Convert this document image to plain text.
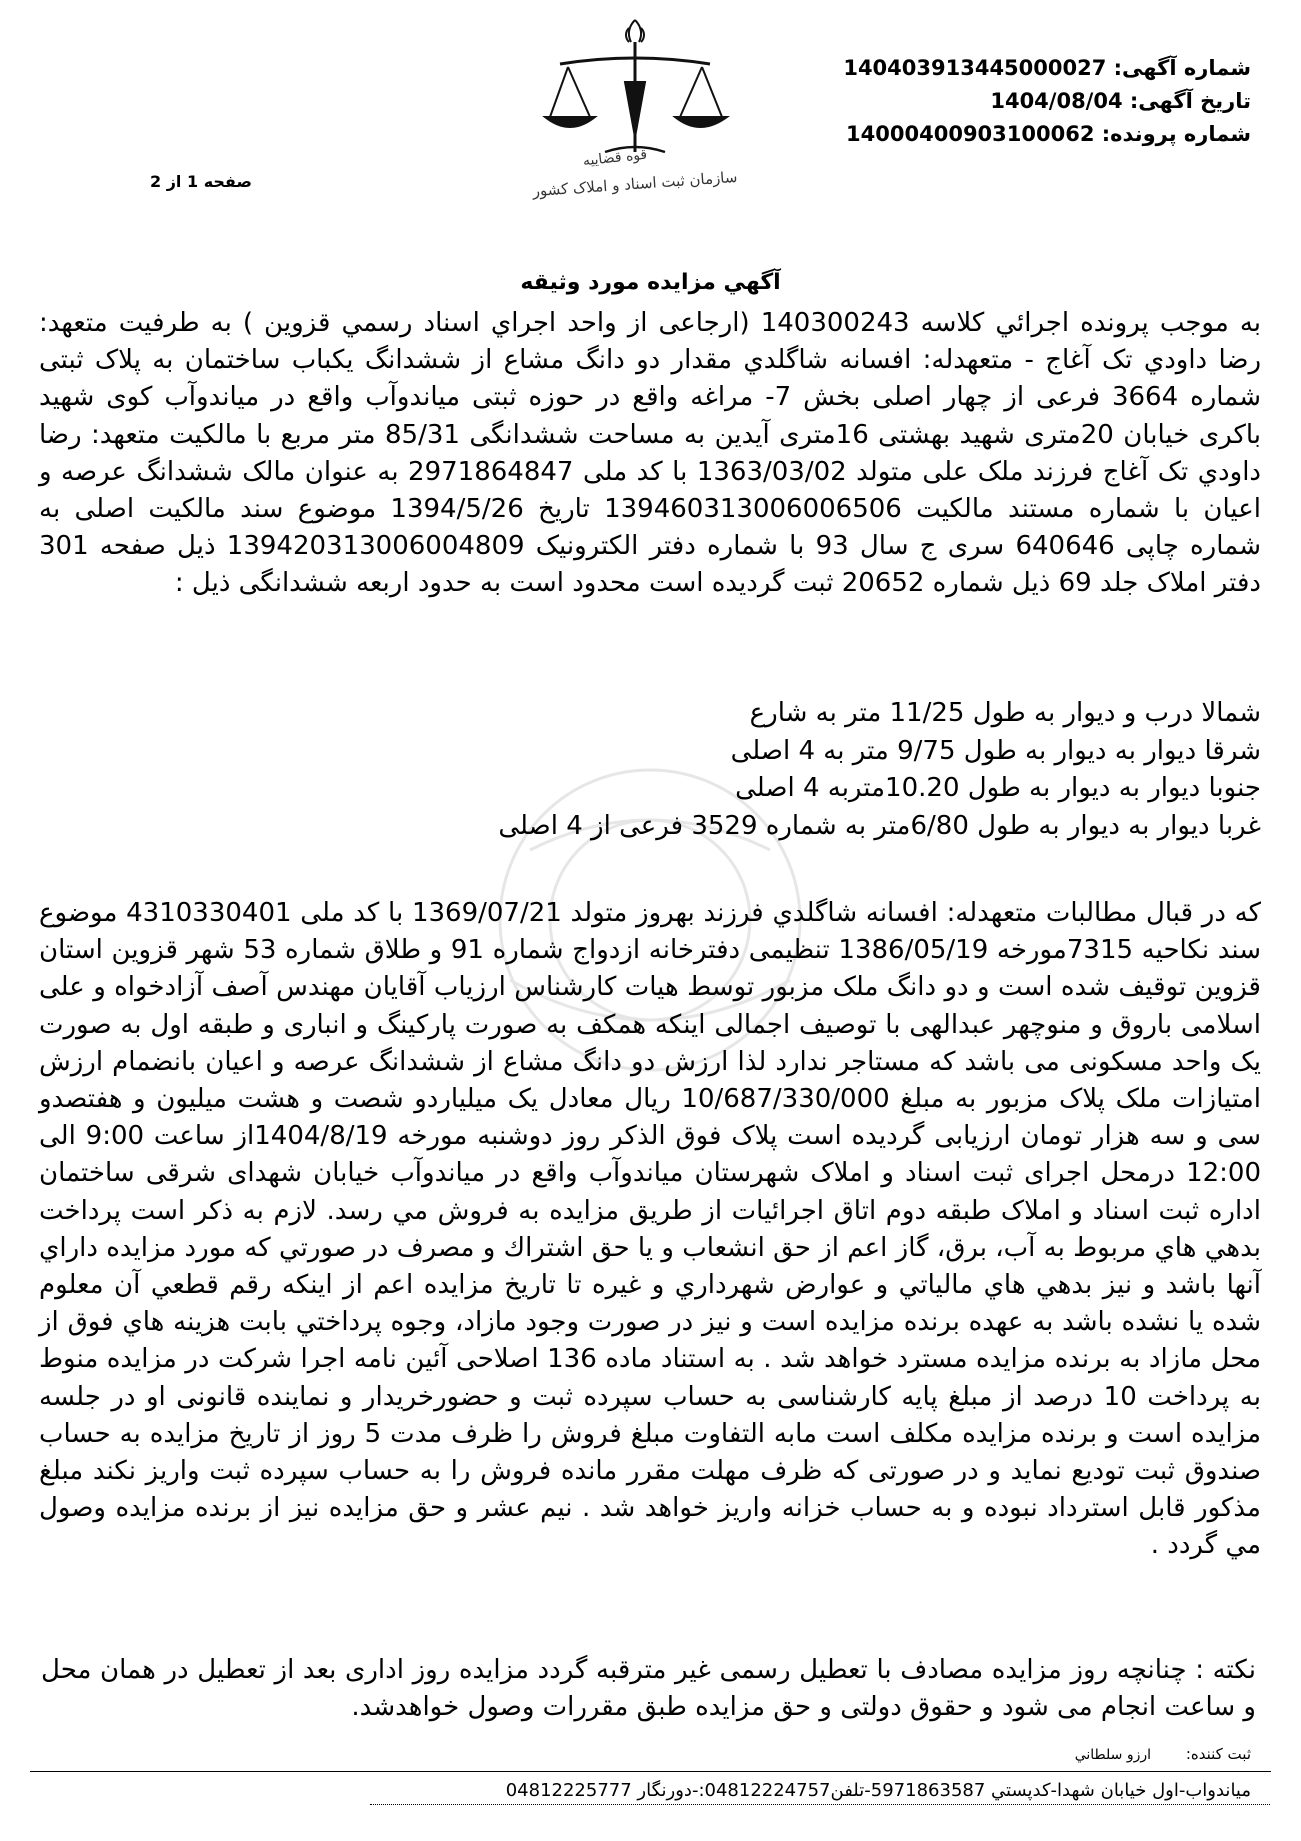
شماره آگهی: 140403913445000027
تاریخ آگهی: 1404/08/04
شماره پرونده: 14000400903100062
قوه قضاییه
سازمان ثبت اسناد و املاک کشور
صفحه 1 از 2
آگهي مزايده مورد وثيقه
به موجب پرونده اجرائي كلاسه 140300243 (ارجاعی از واحد اجراي اسناد رسمي قزوين ) به طرفيت متعهد: رضا داودي تک آغاج - متعهدله: افسانه شاگلدي مقدار دو دانگ مشاع از ششدانگ يکباب ساختمان به پلاک ثبتی شماره 3664 فرعی از چهار اصلی بخش 7- مراغه واقع در حوزه ثبتی مياندوآب واقع در مياندوآب کوی شهيد باکری خيابان 20متری شهيد بهشتی 16متری آيدين به مساحت ششدانگی 85/31 متر مربع با مالكيت متعهد: رضا داودي تک آغاج فرزند ملک علی متولد 1363/03/02 با کد ملی 2971864847 به عنوان مالک ششدانگ عرصه و اعيان با شماره مستند مالکيت 139460313006006506 تاريخ 1394/5/26 موضوع سند مالکيت اصلی به شماره چاپی 640646 سری ج سال 93 با شماره دفتر الکترونيک 139420313006004809 ذيل صفحه 301 دفتر املاک جلد 69 ذيل شماره 20652 ثبت گرديده است محدود است به حدود اربعه ششدانگی ذيل :
شمالا درب و ديوار به طول 11/25 متر به شارع
شرقا ديوار به ديوار به طول 9/75 متر به 4 اصلی
جنوبا ديوار به ديوار به طول 10.20متربه 4 اصلی
غربا ديوار به ديوار به طول 6/80متر به شماره 3529 فرعی از 4 اصلی
که در قبال مطالبات متعهدله: افسانه شاگلدي فرزند بهروز متولد 1369/07/21 با کد ملی 4310330401 موضوع سند نکاحيه 7315مورخه 1386/05/19 تنظيمی دفترخانه ازدواج شماره 91 و طلاق شماره 53 شهر قزوين استان قزوين توقيف شده است و دو دانگ ملک مزبور توسط هيات کارشناس ارزياب آقايان مهندس آصف آزادخواه و علی اسلامی باروق و منوچهر عبدالهی با توصيف اجمالی اينکه همکف به صورت پارکينگ و انباری و طبقه اول به صورت يک واحد مسکونی می باشد که مستاجر ندارد لذا ارزش دو دانگ مشاع از ششدانگ عرصه و اعيان بانضمام ارزش امتيازات ملک پلاک مزبور به مبلغ 10/687/330/000 ريال معادل يک ميلياردو شصت و هشت ميليون و هفتصدو سی و سه هزار تومان ارزيابی گرديده است پلاک فوق الذکر روز دوشنبه مورخه 1404/8/19از ساعت 9:00 الی 12:00 درمحل اجرای ثبت اسناد و املاک شهرستان مياندوآب واقع در مياندوآب خيابان شهدای شرقی ساختمان اداره ثبت اسناد و املاک طبقه دوم اتاق اجرائيات از طريق مزايده به فروش مي رسد. لازم به ذکر است پرداخت بدهي هاي مربوط به آب، برق، گاز اعم از حق انشعاب و يا حق اشتراك و مصرف در صورتي که مورد مزايده داراي آنها باشد و نيز بدهي هاي مالياتي و عوارض شهرداري و غيره تا تاريخ مزايده اعم از اينکه رقم قطعي آن معلوم شده يا نشده باشد به عهده برنده مزايده است و نيز در صورت وجود مازاد، وجوه پرداختي بابت هزينه هاي فوق از محل مازاد به برنده مزايده مسترد خواهد شد . به استناد ماده 136 اصلاحی آئين نامه اجرا شرکت در مزايده منوط به پرداخت 10 درصد از مبلغ پايه کارشناسی به حساب سپرده ثبت و حضورخريدار و نماينده قانونی او در جلسه مزايده است و برنده مزايده مکلف است مابه التفاوت مبلغ فروش را ظرف مدت 5 روز از تاريخ مزايده به حساب صندوق ثبت توديع نمايد و در صورتی که ظرف مهلت مقرر مانده فروش را به حساب سپرده ثبت واريز نکند مبلغ مذکور قابل استرداد نبوده و به حساب خزانه واريز خواهد شد . نيم عشر و حق مزايده نيز از برنده مزايده وصول مي گردد .
نکته : چنانچه روز مزايده مصادف با تعطيل رسمی غير مترقبه گردد مزايده روز اداری بعد از تعطيل در همان محل و ساعت انجام می شود و حقوق دولتی و حق مزايده طبق مقررات وصول خواهدشد.
ثبت کننده: ارزو سلطاني
مياندواب-اول خيابان شهدا-کدپستي 5971863587-تلفن04812224757:-دورنگار 04812225777
